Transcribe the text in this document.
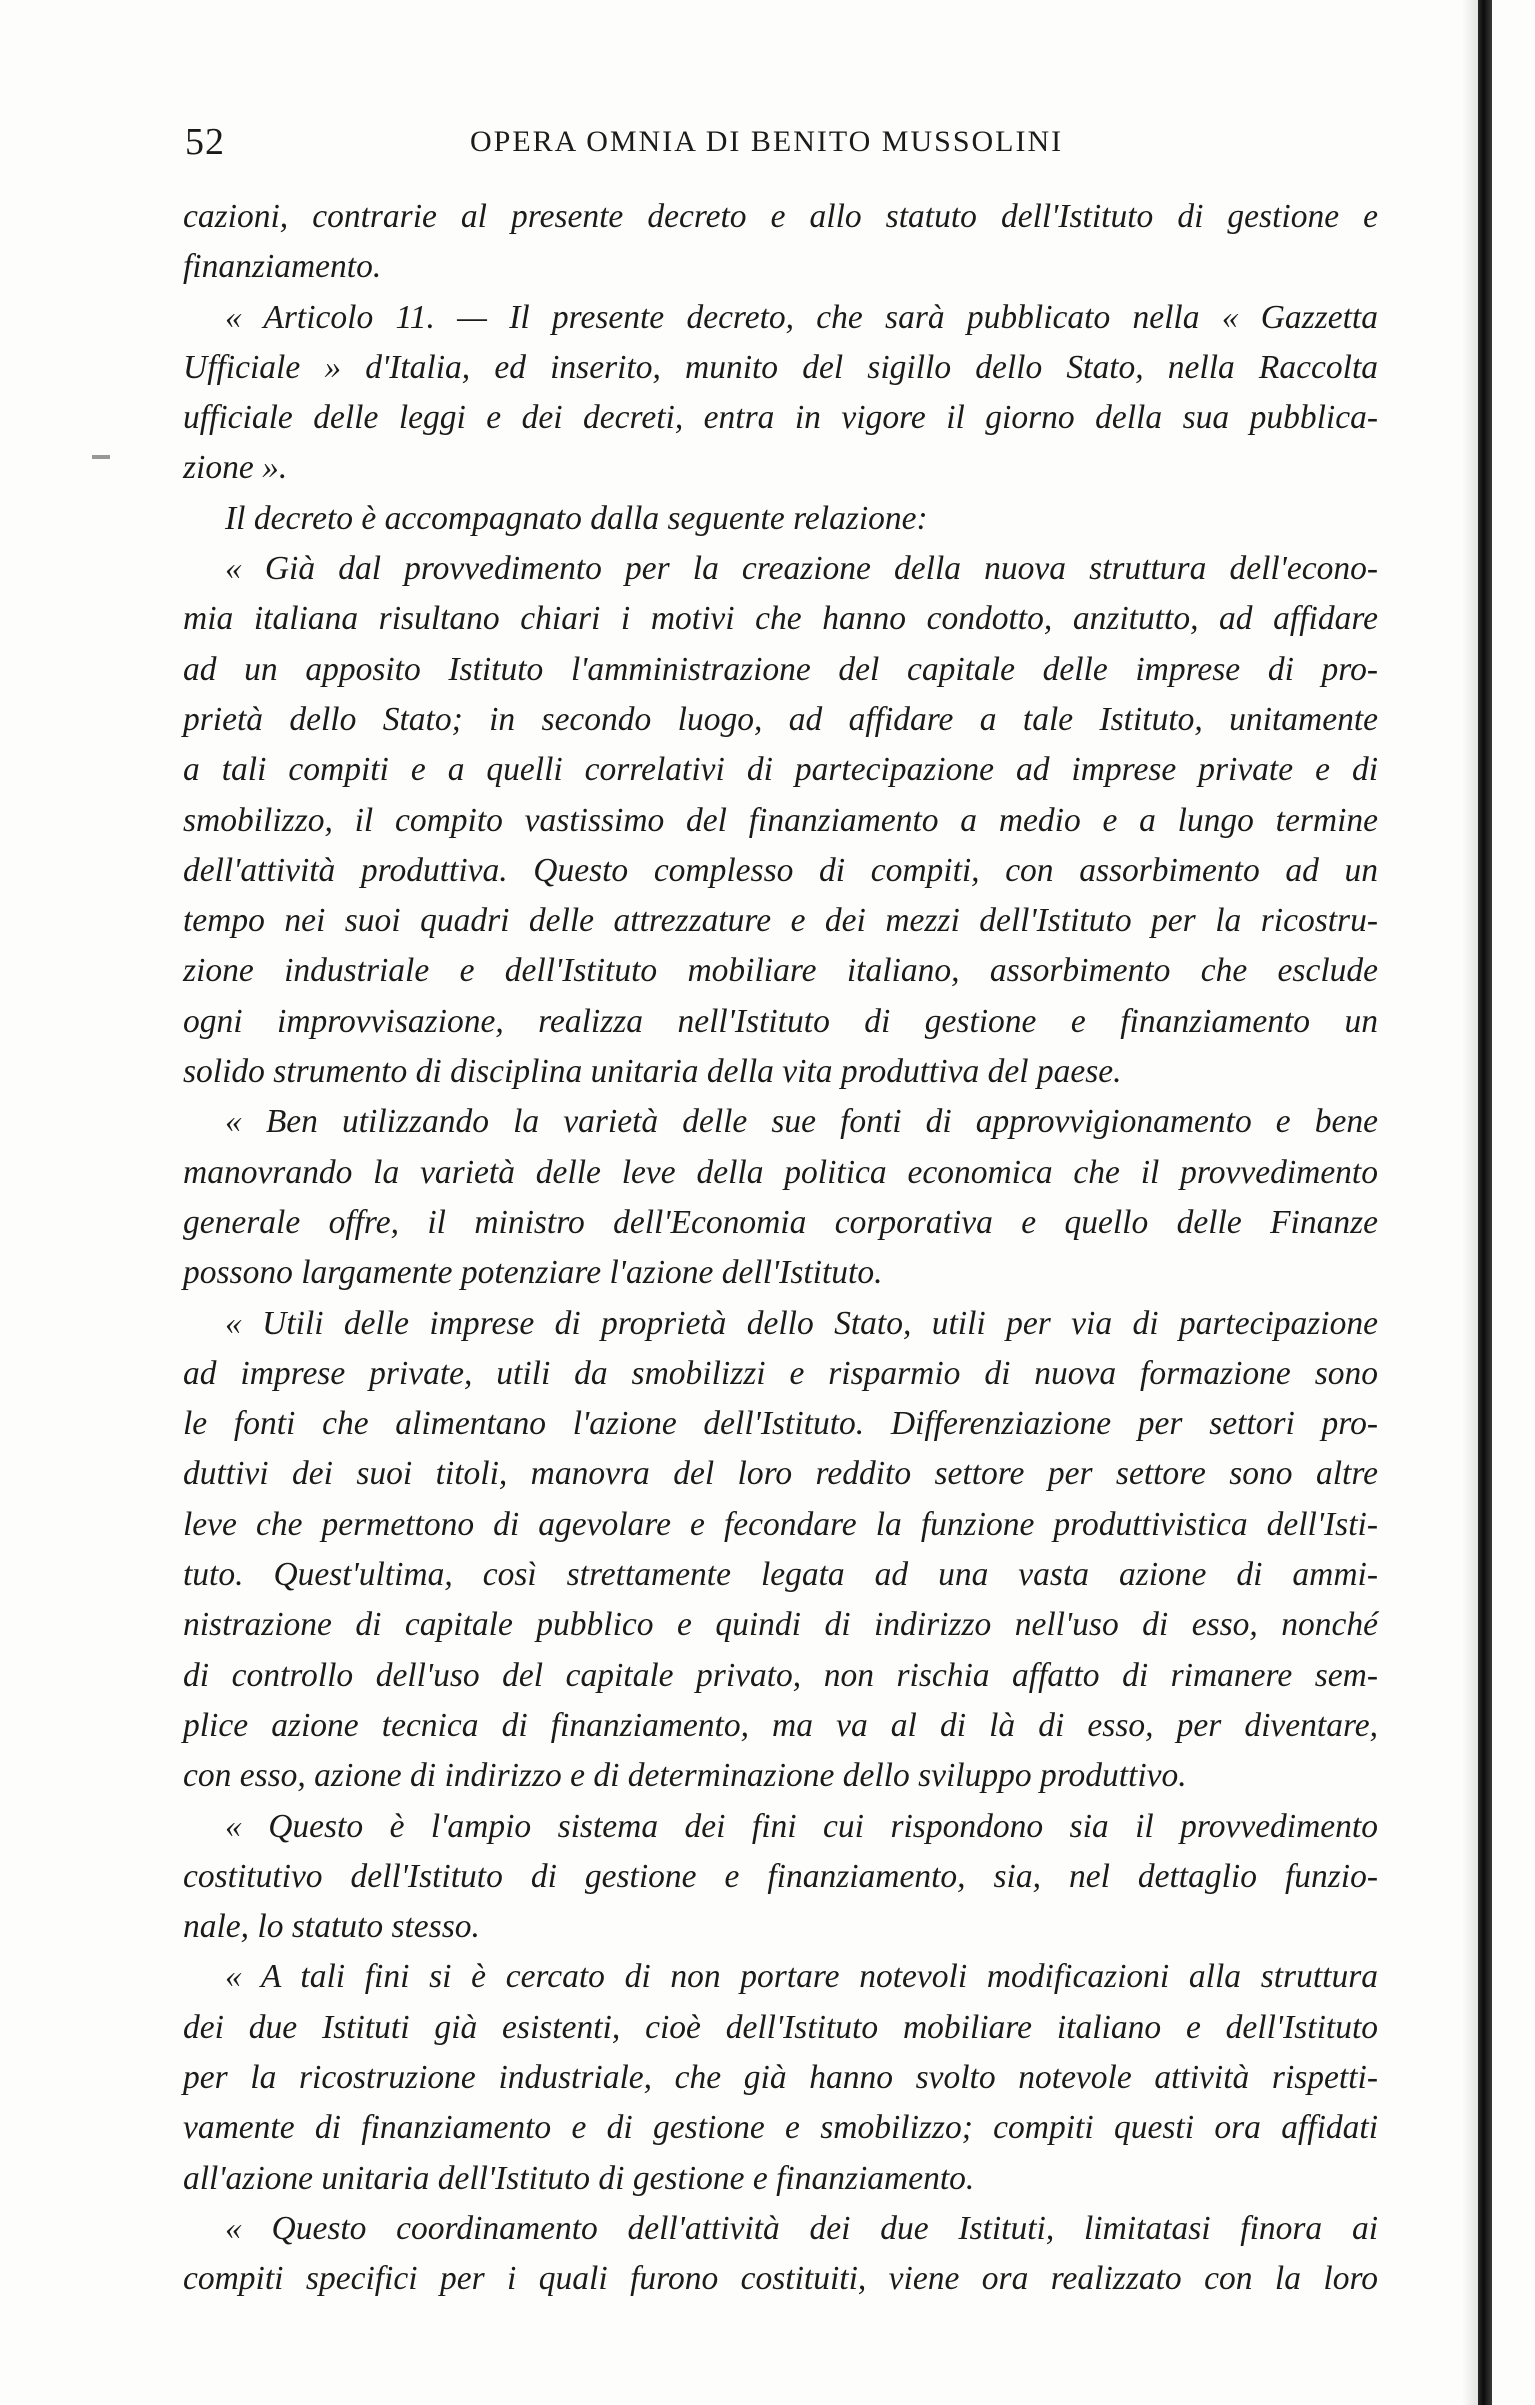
52	OPERA OMNIA DI BENITO MUSSOLINI
cazioni, contrarie al presente decreto e allo statuto dell'Istituto di gestione e
finanziamento.
« Articolo 11. — Il presente decreto, che sarà pubblicato nella « Gazzetta
Ufficiale » d'Italia, ed inserito, munito del sigillo dello Stato, nella Raccolta
ufficiale delle leggi e dei decreti, entra in vigore il giorno della sua pubblica-
zione ».
Il decreto è accompagnato dalla seguente relazione:
« Già dal provvedimento per la creazione della nuova struttura dell'econo-
mia italiana risultano chiari i motivi che hanno condotto, anzitutto, ad affidare
ad un apposito Istituto l'amministrazione del capitale delle imprese di pro-
prietà dello Stato; in secondo luogo, ad affidare a tale Istituto, unitamente
a tali compiti e a quelli correlativi di partecipazione ad imprese private e di
smobilizzo, il compito vastissimo del finanziamento a medio e a lungo termine
dell'attività produttiva. Questo complesso di compiti, con assorbimento ad un
tempo nei suoi quadri delle attrezzature e dei mezzi dell'Istituto per la ricostru-
zione industriale e dell'Istituto mobiliare italiano, assorbimento che esclude
ogni improvvisazione, realizza nell'Istituto di gestione e finanziamento un
solido strumento di disciplina unitaria della vita produttiva del paese.
« Ben utilizzando la varietà delle sue fonti di approvvigionamento e bene
manovrando la varietà delle leve della politica economica che il provvedimento
generale offre, il ministro dell'Economia corporativa e quello delle Finanze
possono largamente potenziare l'azione dell'Istituto.
« Utili delle imprese di proprietà dello Stato, utili per via di partecipazione
ad imprese private, utili da smobilizzi e risparmio di nuova formazione sono
le fonti che alimentano l'azione dell'Istituto. Differenziazione per settori pro-
duttivi dei suoi titoli, manovra del loro reddito settore per settore sono altre
leve che permettono di agevolare e fecondare la funzione produttivistica dell'Isti-
tuto. Quest'ultima, così strettamente legata ad una vasta azione di ammi-
nistrazione di capitale pubblico e quindi di indirizzo nell'uso di esso, nonché
di controllo dell'uso del capitale privato, non rischia affatto di rimanere sem-
plice azione tecnica di finanziamento, ma va al di là di esso, per diventare,
con esso, azione di indirizzo e di determinazione dello sviluppo produttivo.
« Questo è l'ampio sistema dei fini cui rispondono sia il provvedimento
costitutivo dell'Istituto di gestione e finanziamento, sia, nel dettaglio funzio-
nale, lo statuto stesso.
« A tali fini si è cercato di non portare notevoli modificazioni alla struttura
dei due Istituti già esistenti, cioè dell'Istituto mobiliare italiano e dell'Istituto
per la ricostruzione industriale, che già hanno svolto notevole attività rispetti-
vamente di finanziamento e di gestione e smobilizzo; compiti questi ora affidati
all'azione unitaria dell'Istituto di gestione e finanziamento.
« Questo coordinamento dell'attività dei due Istituti, limitatasi finora ai
compiti specifici per i quali furono costituiti, viene ora realizzato con la loro
